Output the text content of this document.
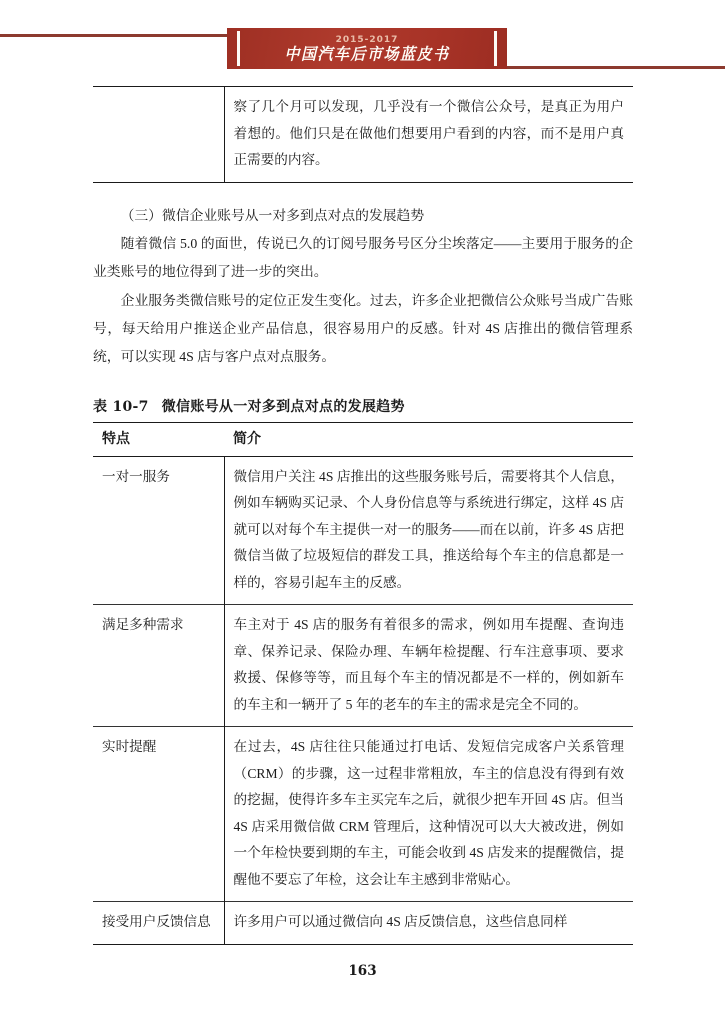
2015-2017
中国汽车后市场蓝皮书
	察了几个月可以发现，几乎没有一个微信公众号，是真正为用户着想的。他们只是在做他们想要用户看到的内容，而不是用户真正需要的内容。

（三）微信企业账号从一对多到点对点的发展趋势

随着微信 5.0 的面世，传说已久的订阅号服务号区分尘埃落定——主要用于服务的企业类账号的地位得到了进一步的突出。

企业服务类微信账号的定位正发生变化。过去，许多企业把微信公众账号当成广告账号，每天给用户推送企业产品信息，很容易用户的反感。针对 4S 店推出的微信管理系统，可以实现 4S 店与客户点对点服务。

表 10-7 微信账号从一对多到点对点的发展趋势
特点	简介
一对一服务	微信用户关注 4S 店推出的这些服务账号后，需要将其个人信息，例如车辆购买记录、个人身份信息等与系统进行绑定，这样 4S 店就可以对每个车主提供一对一的服务——而在以前，许多 4S 店把微信当做了垃圾短信的群发工具，推送给每个车主的信息都是一样的，容易引起车主的反感。
满足多种需求	车主对于 4S 店的服务有着很多的需求，例如用车提醒、查询违章、保养记录、保险办理、车辆年检提醒、行车注意事项、要求救援、保修等等，而且每个车主的情况都是不一样的，例如新车的车主和一辆开了 5 年的老车的车主的需求是完全不同的。
实时提醒	在过去，4S 店往往只能通过打电话、发短信完成客户关系管理（CRM）的步骤，这一过程非常粗放，车主的信息没有得到有效的挖掘，使得许多车主买完车之后，就很少把车开回 4S 店。但当 4S 店采用微信做 CRM 管理后，这种情况可以大大被改进，例如一个年检快要到期的车主，可能会收到 4S 店发来的提醒微信，提醒他不要忘了年检，这会让车主感到非常贴心。
接受用户反馈信息	许多用户可以通过微信向 4S 店反馈信息，这些信息同样
163
